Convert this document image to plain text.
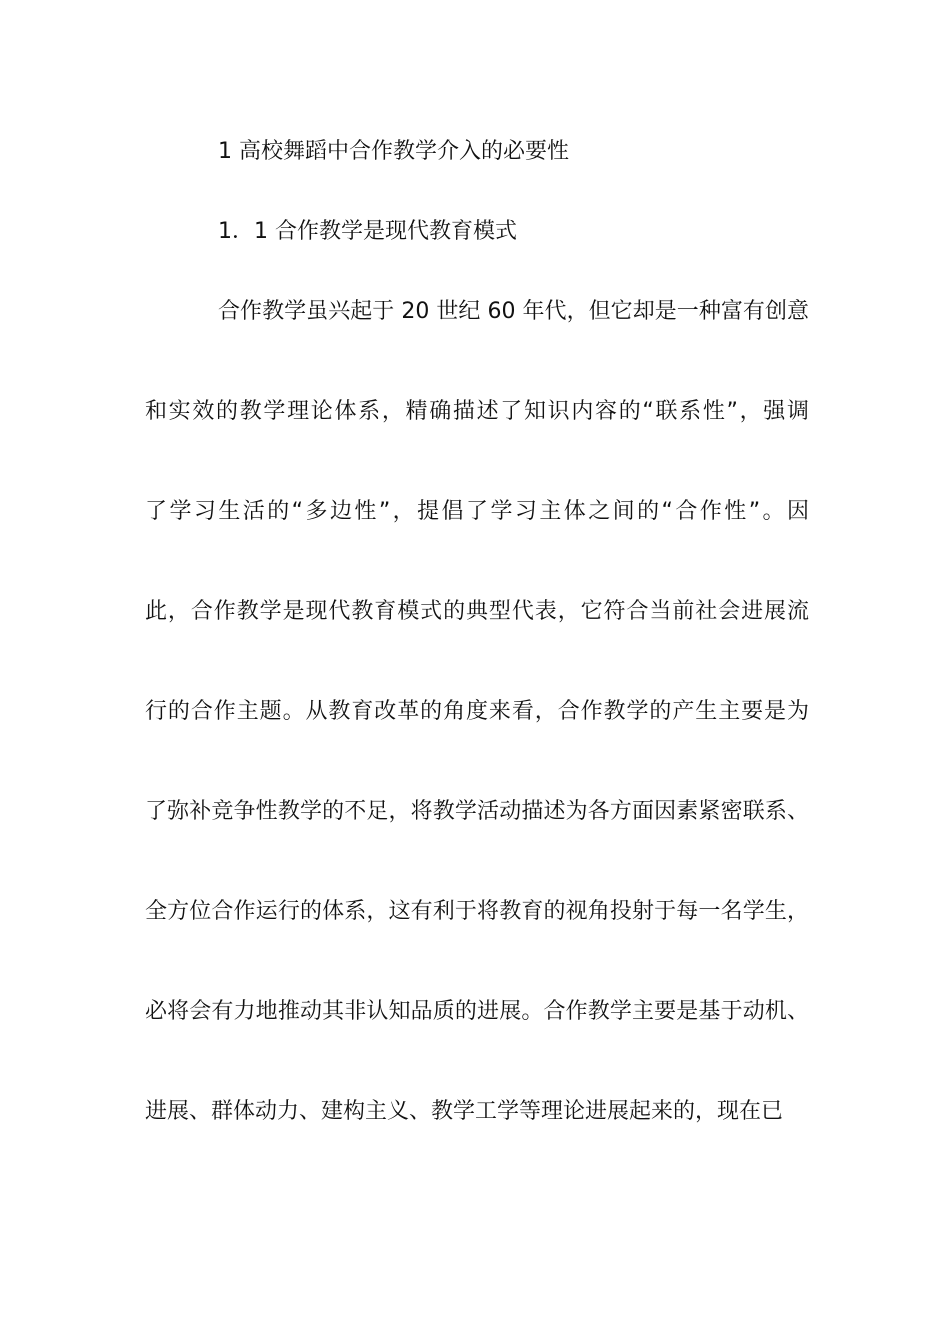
1 高校舞蹈中合作教学介入的必要性
1．1 合作教学是现代教育模式
合作教学虽兴起于 20 世纪 60 年代，但它却是一种富有创意
和实效的教学理论体系，精确描述了知识内容的“联系性”，强调
了学习生活的“多边性”，提倡了学习主体之间的“合作性”。因
此，合作教学是现代教育模式的典型代表，它符合当前社会进展流
行的合作主题。从教育改革的角度来看，合作教学的产生主要是为
了弥补竞争性教学的不足，将教学活动描述为各方面因素紧密联系、
全方位合作运行的体系，这有利于将教育的视角投射于每一名学生，
必将会有力地推动其非认知品质的进展。合作教学主要是基于动机、
进展、群体动力、建构主义、教学工学等理论进展起来的，现在已
